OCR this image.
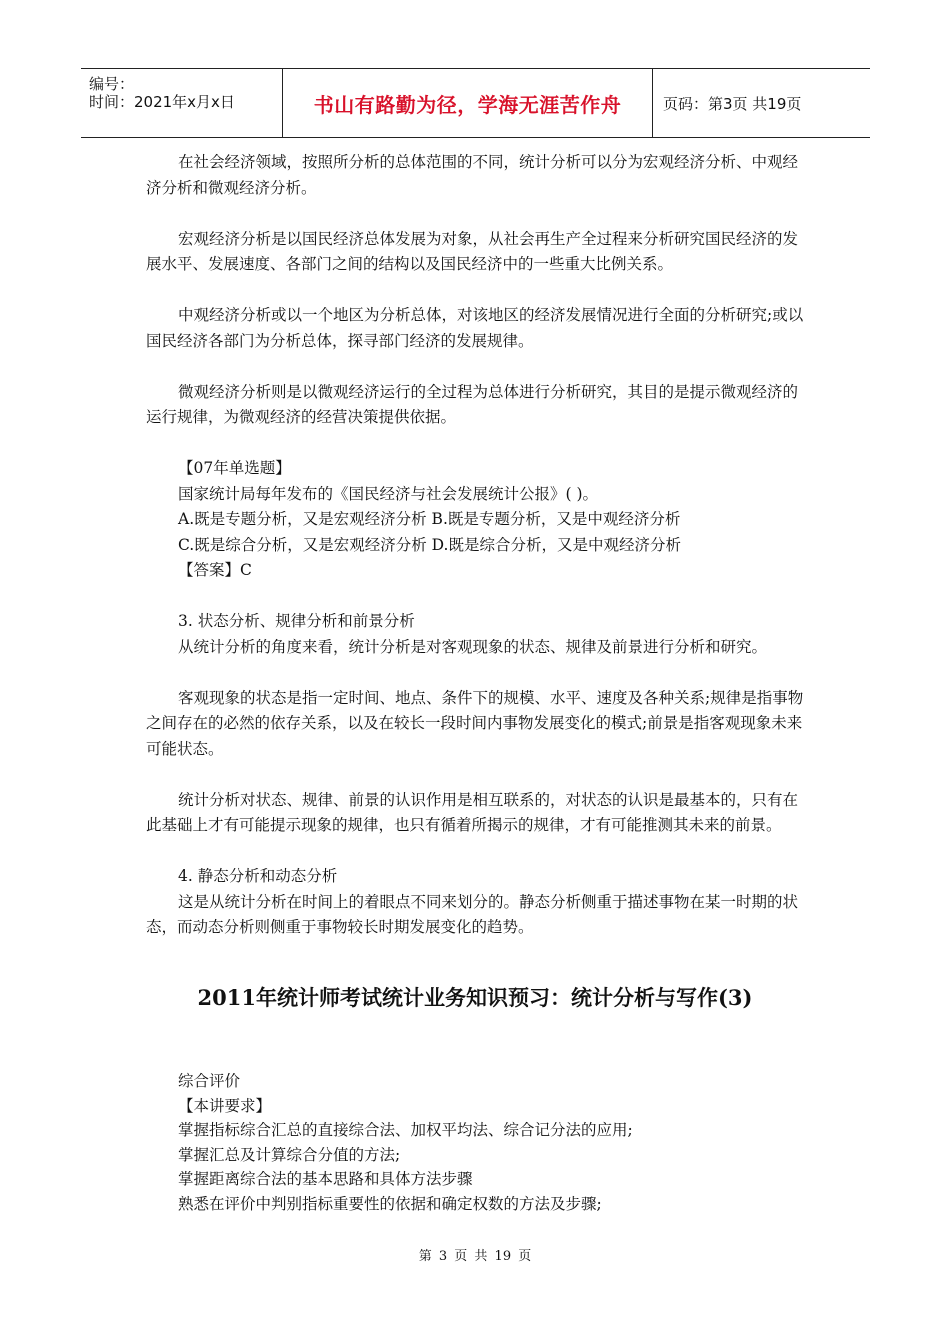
编号：
时间：2021年x月x日	书山有路勤为径，学海无涯苦作舟	页码：第3页 共19页

在社会经济领域，按照所分析的总体范围的不同，统计分析可以分为宏观经济分析、中观经济分析和微观经济分析。

宏观经济分析是以国民经济总体发展为对象，从社会再生产全过程来分析研究国民经济的发展水平、发展速度、各部门之间的结构以及国民经济中的一些重大比例关系。

中观经济分析或以一个地区为分析总体，对该地区的经济发展情况进行全面的分析研究;或以国民经济各部门为分析总体，探寻部门经济的发展规律。

微观经济分析则是以微观经济运行的全过程为总体进行分析研究，其目的是提示微观经济的运行规律，为微观经济的经营决策提供依据。

【07年单选题】

国家统计局每年发布的《国民经济与社会发展统计公报》( )。

A.既是专题分析，又是宏观经济分析 B.既是专题分析，又是中观经济分析

C.既是综合分析，又是宏观经济分析 D.既是综合分析，又是中观经济分析

【答案】C

3. 状态分析、规律分析和前景分析

从统计分析的角度来看，统计分析是对客观现象的状态、规律及前景进行分析和研究。

客观现象的状态是指一定时间、地点、条件下的规模、水平、速度及各种关系;规律是指事物之间存在的必然的依存关系，以及在较长一段时间内事物发展变化的模式;前景是指客观现象未来可能状态。

统计分析对状态、规律、前景的认识作用是相互联系的，对状态的认识是最基本的，只有在此基础上才有可能提示现象的规律，也只有循着所揭示的规律，才有可能推测其未来的前景。

4. 静态分析和动态分析

这是从统计分析在时间上的着眼点不同来划分的。静态分析侧重于描述事物在某一时期的状态，而动态分析则侧重于事物较长时期发展变化的趋势。

2011年统计师考试统计业务知识预习：统计分析与写作(3)

综合评价

【本讲要求】

掌握指标综合汇总的直接综合法、加权平均法、综合记分法的应用;

掌握汇总及计算综合分值的方法;

掌握距离综合法的基本思路和具体方法步骤

熟悉在评价中判别指标重要性的依据和确定权数的方法及步骤;

第 3 页 共 19 页
